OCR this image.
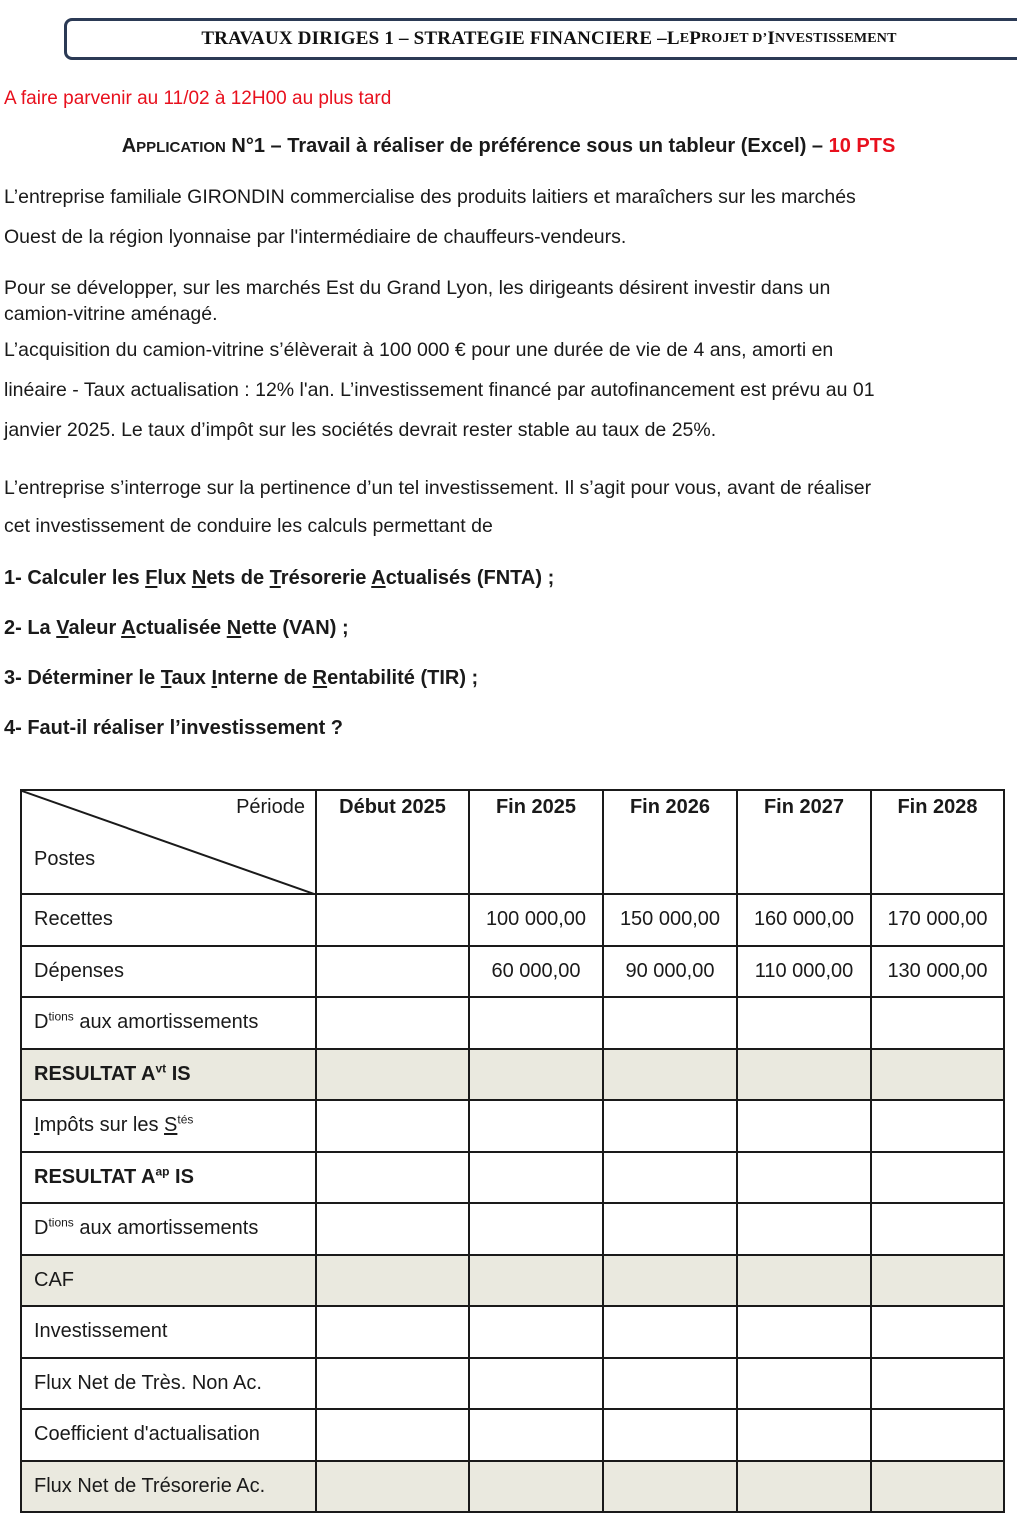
TRAVAUX DIRIGES 1 – STRATEGIE FINANCIERE – L E P ROJET D’ I NVESTISSEMENT
A faire parvenir au 11/02 à 12H00 au plus tard
APPLICATION N°1 – Travail à réaliser de préférence sous un tableur (Excel) – 10 PTS
L’entreprise familiale GIRONDIN commercialise des produits laitiers et maraîchers sur les marchés
Ouest de la région lyonnaise par l'intermédiaire de chauffeurs-vendeurs.
Pour se développer, sur les marchés Est du Grand Lyon, les dirigeants désirent investir dans un
camion-vitrine aménagé.
L’acquisition du camion-vitrine s’élèverait à 100 000 € pour une durée de vie de 4 ans, amorti en
linéaire - Taux actualisation : 12% l'an. L’investissement financé par autofinancement est prévu au 01
janvier 2025. Le taux d’impôt sur les sociétés devrait rester stable au taux de 25%.
L’entreprise s’interroge sur la pertinence d’un tel investissement. Il s’agit pour vous, avant de réaliser
cet investissement de conduire les calculs permettant de
1- Calculer les Flux Nets de Trésorerie Actualisés (FNTA) ;
2- La Valeur Actualisée Nette (VAN) ;
3- Déterminer le Taux Interne de Rentabilité (TIR) ;
4- Faut-il réaliser l’investissement ?
Période
Postes	Début 2025	Fin 2025	Fin 2026	Fin 2027	Fin 2028
Recettes		100 000,00	150 000,00	160 000,00	170 000,00
Dépenses		60 000,00	90 000,00	110 000,00	130 000,00
$D^{tions}$ aux amortissements					
RESULTAT $A^{vt}$ IS					
Impôts sur les $S^{tés}$					
RESULTAT $A^{ap}$ IS					
$D^{tions}$ aux amortissements					
CAF					
Investissement					
Flux Net de Très. Non Ac.					
Coefficient d'actualisation					
Flux Net de Trésorerie Ac.					
